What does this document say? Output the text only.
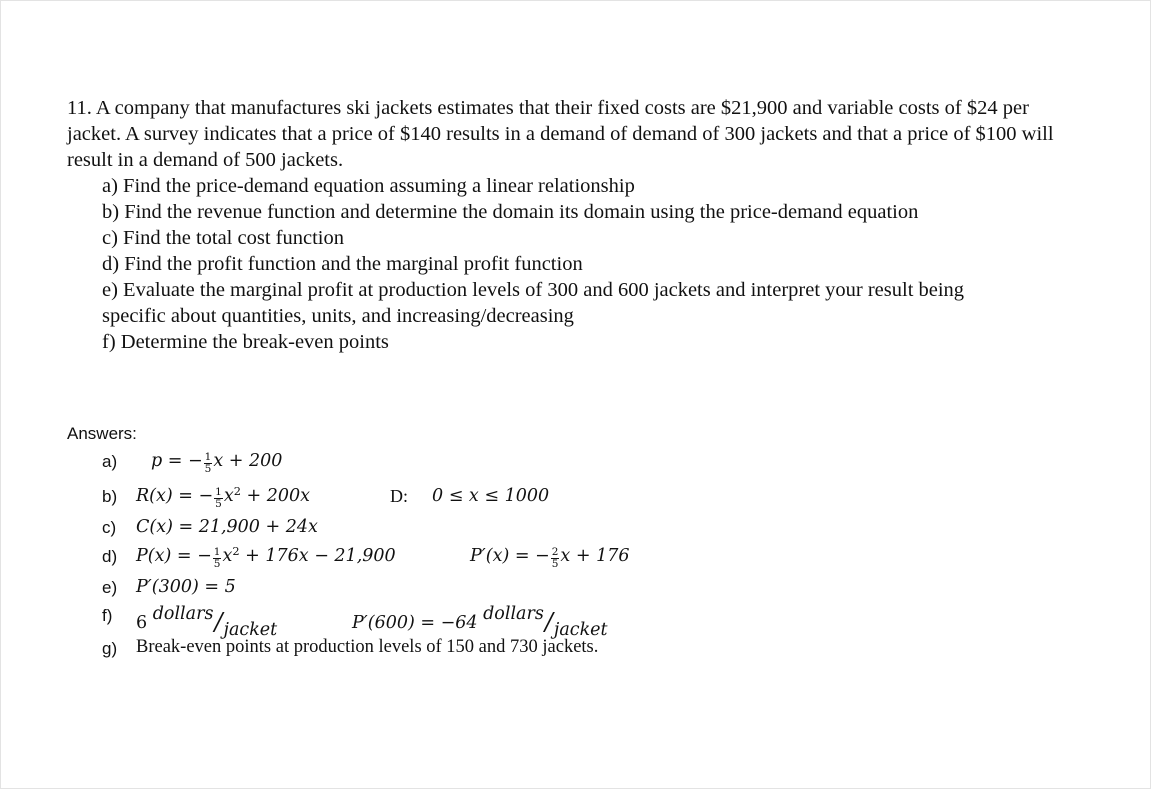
11. A company that manufactures ski jackets estimates that their fixed costs are $21,900 and variable costs of $24 per jacket. A survey indicates that a price of $140 results in a demand of demand of 300 jackets and that a price of $100 will result in a demand of 500 jackets.

a) Find the price-demand equation assuming a linear relationship
b) Find the revenue function and determine the domain its domain using the price-demand equation
c) Find the total cost function
d) Find the profit function and the marginal profit function
e) Evaluate the marginal profit at production levels of 300 and 600 jackets and interpret your result being
specific about quantities, units, and increasing/decreasing
f) Determine the break-even points
Answers:
a) p = − $\frac{1}{5}$ x + 200
b) R(x) = − $\frac{1}{5} x^2 + 200x$	D: 0 ≤ x ≤ 1000
c) C(x) = 21,900 + 24x
d) P(x) = − $\frac{1}{5} x^2 + 176x - 21,900$	P′(x) = − $\frac{2}{5}$ x + 176
e) P′(300) = 5
f) 6 dollars/jacket	P′(600) = −64 dollars/jacket
g) Break-even points at production levels of 150 and 730 jackets.
